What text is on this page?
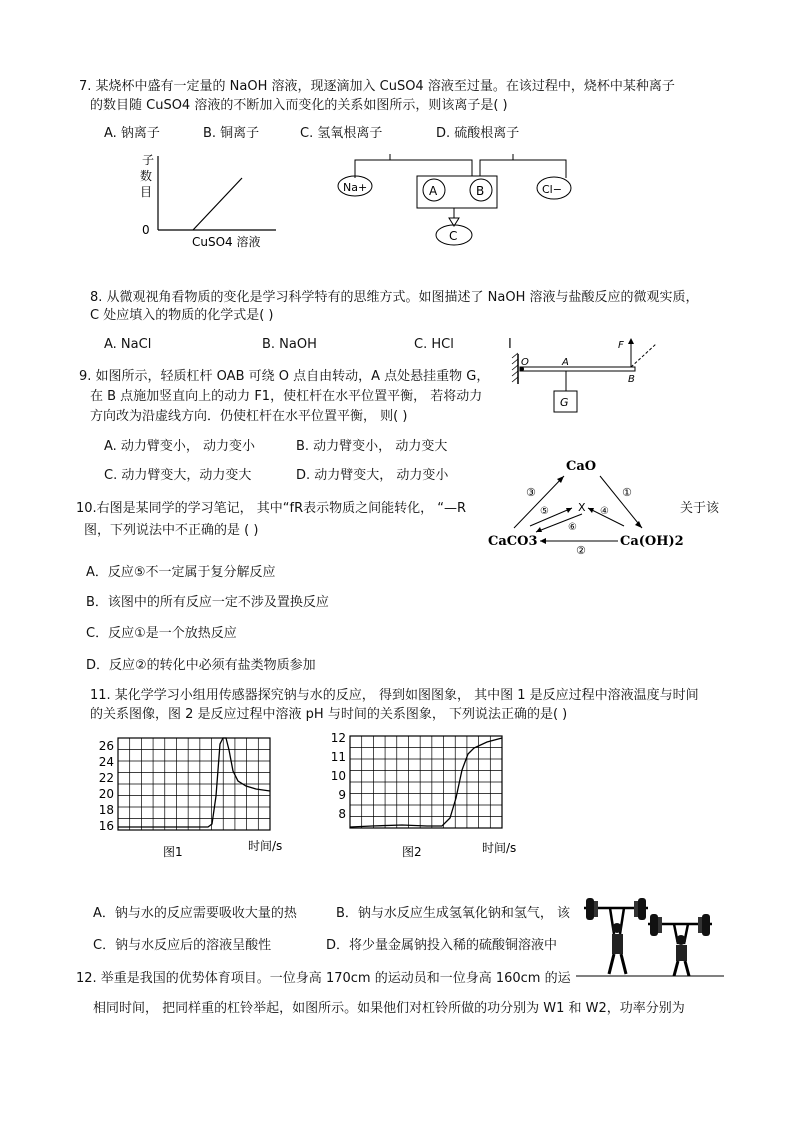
7. 某烧杯中盛有一定量的 NaOH 溶液，现逐滴加入 CuSO4 溶液至过量。在该过程中，烧杯中某种离子
的数目随 CuSO4 溶液的不断加入而变化的关系如图所示，则该离子是( )
A. 钠离子	B. 铜离子	C. 氢氧根离子	D. 硫酸根离子
子
数
目
0
CuSO4 溶液
Na+	A	B	Cl−
C
8. 从微观视角看物质的变化是学习科学特有的思维方式。如图描述了 NaOH 溶液与盐酸反应的微观实质，
C 处应填入的物质的化学式是( )
A. NaCl	B. NaOH	C. HCl	I
9. 如图所示，轻质杠杆 OAB 可绕 O 点自由转动，A 点处悬挂重物 G，
在 B 点施加竖直向上的动力 F1，使杠杆在水平位置平衡， 若将动力
方向改为沿虚线方向．仍使杠杆在水平位置平衡， 则( )
A. 动力臂变小， 动力变小	B. 动力臂变小， 动力变大
C. 动力臂变大，动力变大	D. 动力臂变大， 动力变小
O	A
B
G
F
10.右图是某同学的学习笔记， 其中“fR表示物质之间能转化， “—R	关于该
图，下列说法中不正确的是 ( )
A．反应⑤不一定属于复分解反应
B．该图中的所有反应一定不涉及置换反应
C．反应①是一个放热反应
D．反应②的转化中必须有盐类物质参加
CaO
CaCO3	Ca(OH)2
X
③	①
②
⑤
⑥
④
11. 某化学学习小组用传感器探究钠与水的反应， 得到如图图象， 其中图 1 是反应过程中溶液温度与时间
的关系图像，图 2 是反应过程中溶液 pH 与时间的关系图象， 下列说法正确的是( )
26
24
22
20
18
16
图1	时间/s
12
11
10
9
8
图2	时间/s
A．钠与水的反应需要吸收大量的热	B．钠与水反应生成氢氧化钠和氢气， 该
C．钠与水反应后的溶液呈酸性	D．将少量金属钠投入稀的硫酸铜溶液中
12. 举重是我国的优势体育项目。一位身高 170cm 的运动员和一位身高 160cm 的运
相同时间， 把同样重的杠铃举起，如图所示。如果他们对杠铃所做的功分别为 W1 和 W2，功率分别为
